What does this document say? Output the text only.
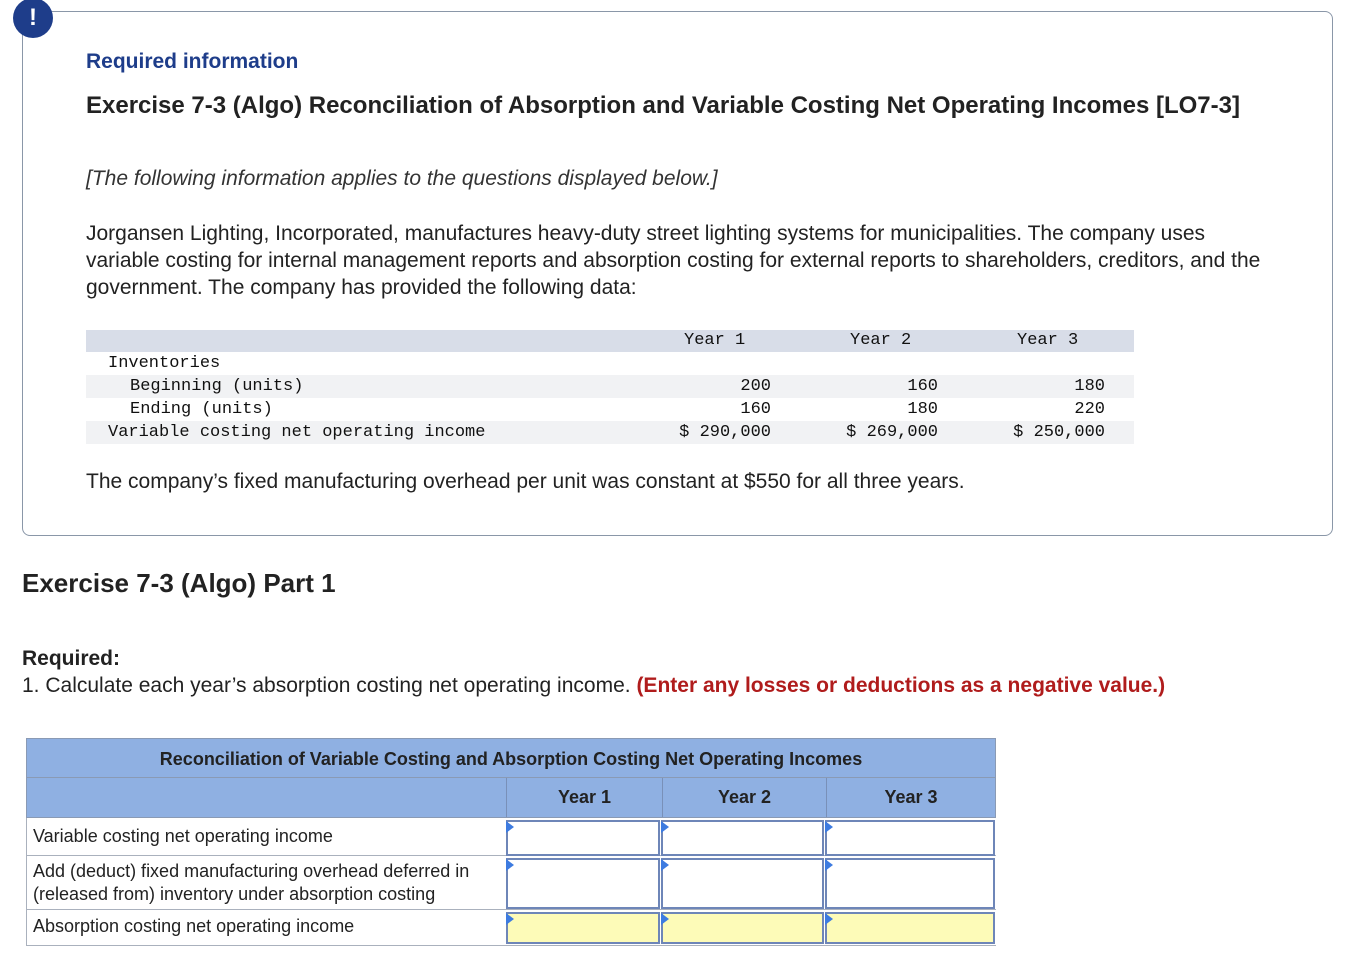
!
Required information
Exercise 7-3 (Algo) Reconciliation of Absorption and Variable Costing Net Operating Incomes [LO7-3]
[The following information applies to the questions displayed below.]
Jorgansen Lighting, Incorporated, manufactures heavy-duty street lighting systems for municipalities. The company uses variable costing for internal management reports and absorption costing for external reports to shareholders, creditors, and the government. The company has provided the following data:
Year 1	Year 2	Year 3
Inventories
Beginning (units)	200	160	180
Ending (units)	160	180	220
Variable costing net operating income	$ 290,000	$ 269,000	$ 250,000
The company’s fixed manufacturing overhead per unit was constant at $550 for all three years.
Exercise 7-3 (Algo) Part 1
Required:
1. Calculate each year’s absorption costing net operating income. (Enter any losses or deductions as a negative value.)
Reconciliation of Variable Costing and Absorption Costing Net Operating Incomes
Year 1	Year 2	Year 3
Variable costing net operating income
Add (deduct) fixed manufacturing overhead deferred in (released from) inventory under absorption costing
Absorption costing net operating income
